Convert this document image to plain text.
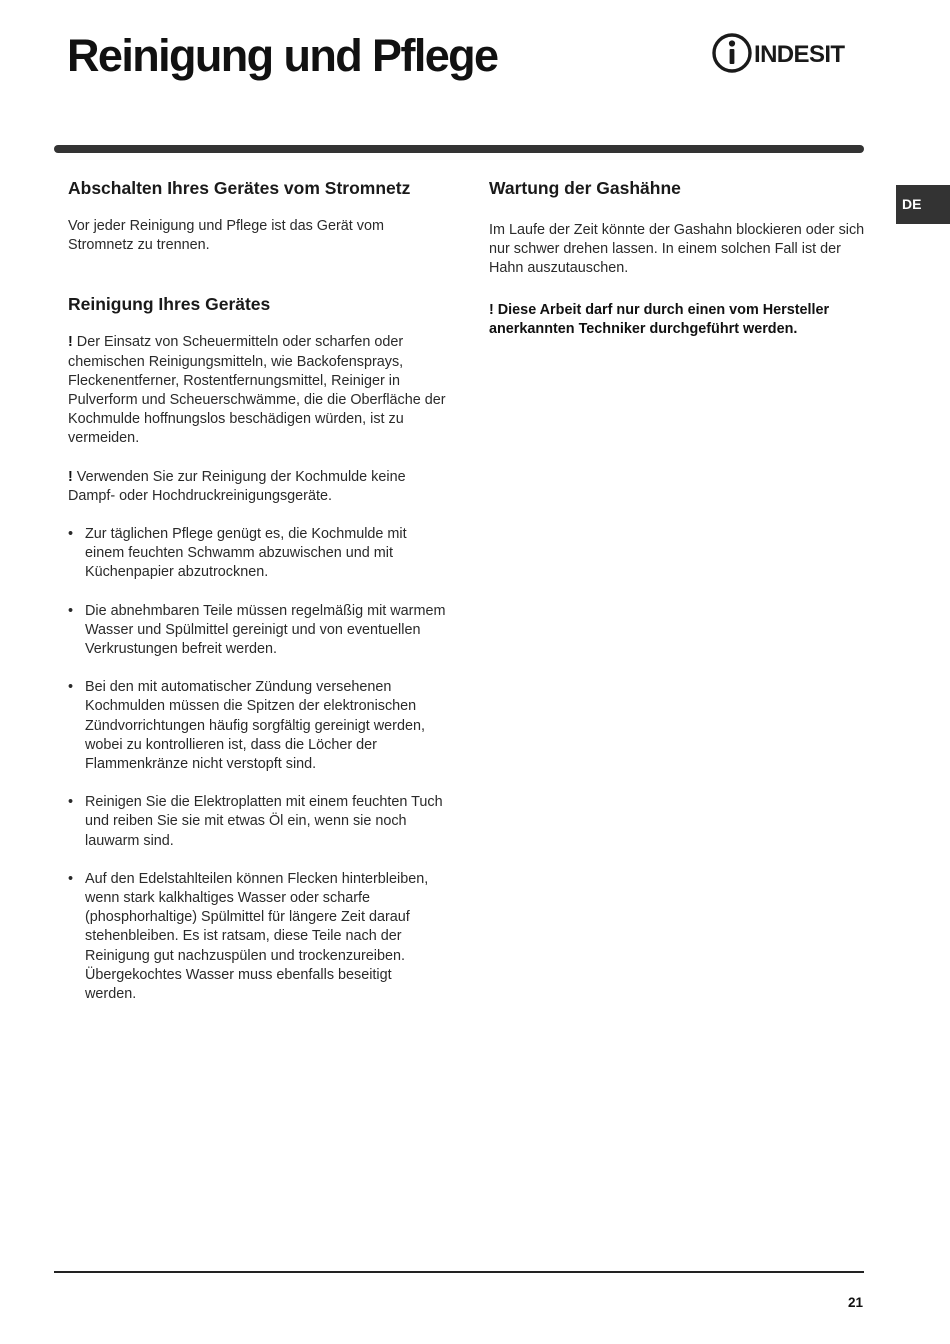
Reinigung und Pflege	INDESIT
DE
Abschalten Ihres Gerätes vom Stromnetz

Vor jeder Reinigung und Pflege ist das Gerät vom Stromnetz zu trennen.

Reinigung Ihres Gerätes

! Der Einsatz von Scheuermitteln oder scharfen oder chemischen Reinigungsmitteln, wie Backofensprays, Fleckenentferner, Rostentfernungsmittel, Reiniger in Pulverform und Scheuerschwämme, die die Oberfläche der Kochmulde hoffnungslos beschädigen würden, ist zu vermeiden.

! Verwenden Sie zur Reinigung der Kochmulde keine Dampf- oder Hochdruckreinigungsgeräte.

• Zur täglichen Pflege genügt es, die Kochmulde mit einem feuchten Schwamm abzuwischen und mit Küchenpapier abzutrocknen.
• Die abnehmbaren Teile müssen regelmäßig mit warmem Wasser und Spülmittel gereinigt und von eventuellen Verkrustungen befreit werden.
• Bei den mit automatischer Zündung versehenen Kochmulden müssen die Spitzen der elektronischen Zündvorrichtungen häufig sorgfältig gereinigt werden, wobei zu kontrollieren ist, dass die Löcher der Flammenkränze nicht verstopft sind.
• Reinigen Sie die Elektroplatten mit einem feuchten Tuch und reiben Sie sie mit etwas Öl ein, wenn sie noch lauwarm sind.
• Auf den Edelstahlteilen können Flecken hinterbleiben, wenn stark kalkhaltiges Wasser oder scharfe (phosphorhaltige) Spülmittel für längere Zeit darauf stehenbleiben. Es ist ratsam, diese Teile nach der Reinigung gut nachzuspülen und trockenzureiben. Übergekochtes Wasser muss ebenfalls beseitigt werden.
Wartung der Gashähne

Im Laufe der Zeit könnte der Gashahn blockieren oder sich nur schwer drehen lassen. In einem solchen Fall ist der Hahn auszutauschen.

! Diese Arbeit darf nur durch einen vom Hersteller anerkannten Techniker durchgeführt werden.

21
